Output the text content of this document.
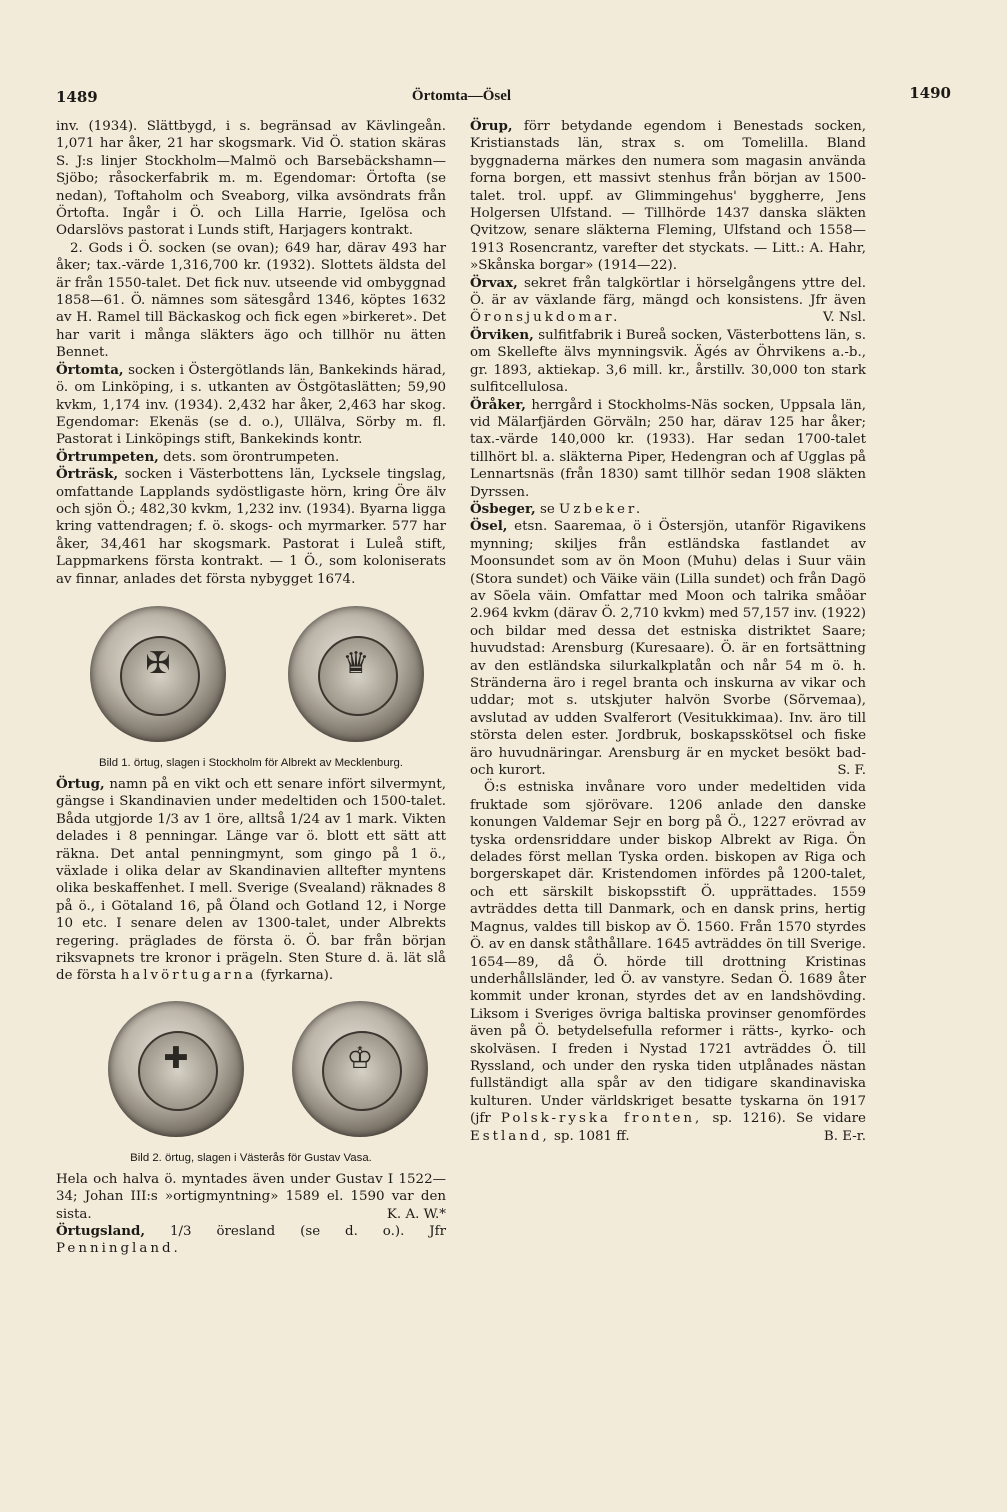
1489	Örtomta—Ösel	1490

inv. (1934). Slättbygd, i s. begränsad av Kävlingeån. 1,071 har åker, 21 har skogsmark. Vid Ö. station skäras S. J:s linjer Stockholm—Malmö och Barsebäckshamn—Sjöbo; råsockerfabrik m. m. Egendomar: Örtofta (se nedan), Toftaholm och Sveaborg, vilka avsöndrats från Örtofta. Ingår i Ö. och Lilla Harrie, Igelösa och Odarslövs pastorat i Lunds stift, Harjagers kontrakt.

2. Gods i Ö. socken (se ovan); 649 har, därav 493 har åker; tax.-värde 1,316,700 kr. (1932). Slottets äldsta del är från 1550-talet. Det fick nuv. utseende vid ombyggnad 1858—61. Ö. nämnes som sätesgård 1346, köptes 1632 av H. Ramel till Bäckaskog och fick egen »birkeret». Det har varit i många släkters ägo och tillhör nu ätten Bennet.

Örtomta, socken i Östergötlands län, Bankekinds härad, ö. om Linköping, i s. utkanten av Östgötaslätten; 59,90 kvkm, 1,174 inv. (1934). 2,432 har åker, 2,463 har skog. Egendomar: Ekenäs (se d. o.), Ullälva, Sörby m. fl. Pastorat i Linköpings stift, Bankekinds kontr.

Örtrumpeten, dets. som örontrumpeten.

Örträsk, socken i Västerbottens län, Lycksele tingslag, omfattande Lapplands sydöstligaste hörn, kring Öre älv och sjön Ö.; 482,30 kvkm, 1,232 inv. (1934). Byarna ligga kring vattendragen; f. ö. skogs- och myrmarker. 577 har åker, 34,461 har skogsmark. Pastorat i Luleå stift, Lappmarkens första kontrakt. — 1 Ö., som koloniserats av finnar, anlades det första nybygget 1674.

✠	♛
Bild 1. örtug, slagen i Stockholm för Albrekt av Mecklenburg.

Örtug, namn på en vikt och ett senare infört silvermynt, gängse i Skandinavien under medeltiden och 1500-talet. Båda utgjorde 1/3 av 1 öre, alltså 1/24 av 1 mark. Vikten delades i 8 penningar. Länge var ö. blott ett sätt att räkna. Det antal penningmynt, som gingo på 1 ö., växlade i olika delar av Skandinavien alltefter myntens olika beskaffenhet. I mell. Sverige (Svealand) räknades 8 på ö., i Götaland 16, på Öland och Gotland 12, i Norge 10 etc. I senare delen av 1300-talet, under Albrekts regering. präglades de första ö. Ö. bar från början riksvapnets tre kronor i prägeln. Sten Sture d. ä. lät slå de första halvörtugarna (fyrkarna).

✚	♔
Bild 2. örtug, slagen i Västerås för Gustav Vasa.

Hela och halva ö. myntades även under Gustav I 1522—34; Johan III:s »ortigmyntning» 1589 el. 1590 var den sista.	K. A. W.*

Örtugsland, 1/3 öresland (se d. o.). Jfr Penningland.

Örup, förr betydande egendom i Benestads socken, Kristianstads län, strax s. om Tomelilla. Bland byggnaderna märkes den numera som magasin använda forna borgen, ett massivt stenhus från början av 1500-talet. trol. uppf. av Glimmingehus' byggherre, Jens Holgersen Ulfstand. — Tillhörde 1437 danska släkten Qvitzow, senare släkterna Fleming, Ulfstand och 1558—1913 Rosencrantz, varefter det styckats. — Litt.: A. Hahr, »Skånska borgar» (1914—22).

Örvax, sekret från talgkörtlar i hörselgångens yttre del. Ö. är av växlande färg, mängd och konsistens. Jfr även Öronsjukdomar.	V. Nsl.

Örviken, sulfitfabrik i Bureå socken, Västerbottens län, s. om Skellefte älvs mynningsvik. Ägés av Öhrvikens a.-b., gr. 1893, aktiekap. 3,6 mill. kr., årstillv. 30,000 ton stark sulfitcellulosa.

Öråker, herrgård i Stockholms-Näs socken, Uppsala län, vid Mälarfjärden Görväln; 250 har, därav 125 har åker; tax.-värde 140,000 kr. (1933). Har sedan 1700-talet tillhört bl. a. släkterna Piper, Hedengran och af Ugglas på Lennartsnäs (från 1830) samt tillhör sedan 1908 släkten Dyrssen.

Ösbeger, se Uzbeker.

Ösel, etsn. Saaremaa, ö i Östersjön, utanför Rigavikens mynning; skiljes från estländska fastlandet av Moonsundet som av ön Moon (Muhu) delas i Suur väin (Stora sundet) och Väike väin (Lilla sundet) och från Dagö av Sõela väin. Omfattar med Moon och talrika småöar 2.964 kvkm (därav Ö. 2,710 kvkm) med 57,157 inv. (1922) och bildar med dessa det estniska distriktet Saare; huvudstad: Arensburg (Kuresaare). Ö. är en fortsättning av den estländska silurkalkplatån och når 54 m ö. h. Stränderna äro i regel branta och inskurna av vikar och uddar; mot s. utskjuter halvön Svorbe (Sõrvemaa), avslutad av udden Svalferort (Vesitukkimaa). Inv. äro till största delen ester. Jordbruk, boskapsskötsel och fiske äro huvudnäringar. Arensburg är en mycket besökt bad- och kurort.	S. F.

Ö:s estniska invånare voro under medeltiden vida fruktade som sjörövare. 1206 anlade den danske konungen Valdemar Sejr en borg på Ö., 1227 erövrad av tyska ordensriddare under biskop Albrekt av Riga. Ön delades först mellan Tyska orden. biskopen av Riga och borgerskapet där. Kristendomen infördes på 1200-talet, och ett särskilt biskopsstift Ö. upprättades. 1559 avträddes detta till Danmark, och en dansk prins, hertig Magnus, valdes till biskop av Ö. 1560. Från 1570 styrdes Ö. av en dansk ståthållare. 1645 avträddes ön till Sverige. 1654—89, då Ö. hörde till drottning Kristinas underhållsländer, led Ö. av vanstyre. Sedan Ö. 1689 åter kommit under kronan, styrdes det av en landshövding. Liksom i Sveriges övriga baltiska provinser genomfördes även på Ö. betydelsefulla reformer i rätts-, kyrko- och skolväsen. I freden i Nystad 1721 avträddes Ö. till Ryssland, och under den ryska tiden utplånades nästan fullständigt alla spår av den tidigare skandinaviska kulturen. Under världskriget besatte tyskarna ön 1917 (jfr Polsk-ryska fronten, sp. 1216). Se vidare Estland, sp. 1081 ff.	B. E-r.
